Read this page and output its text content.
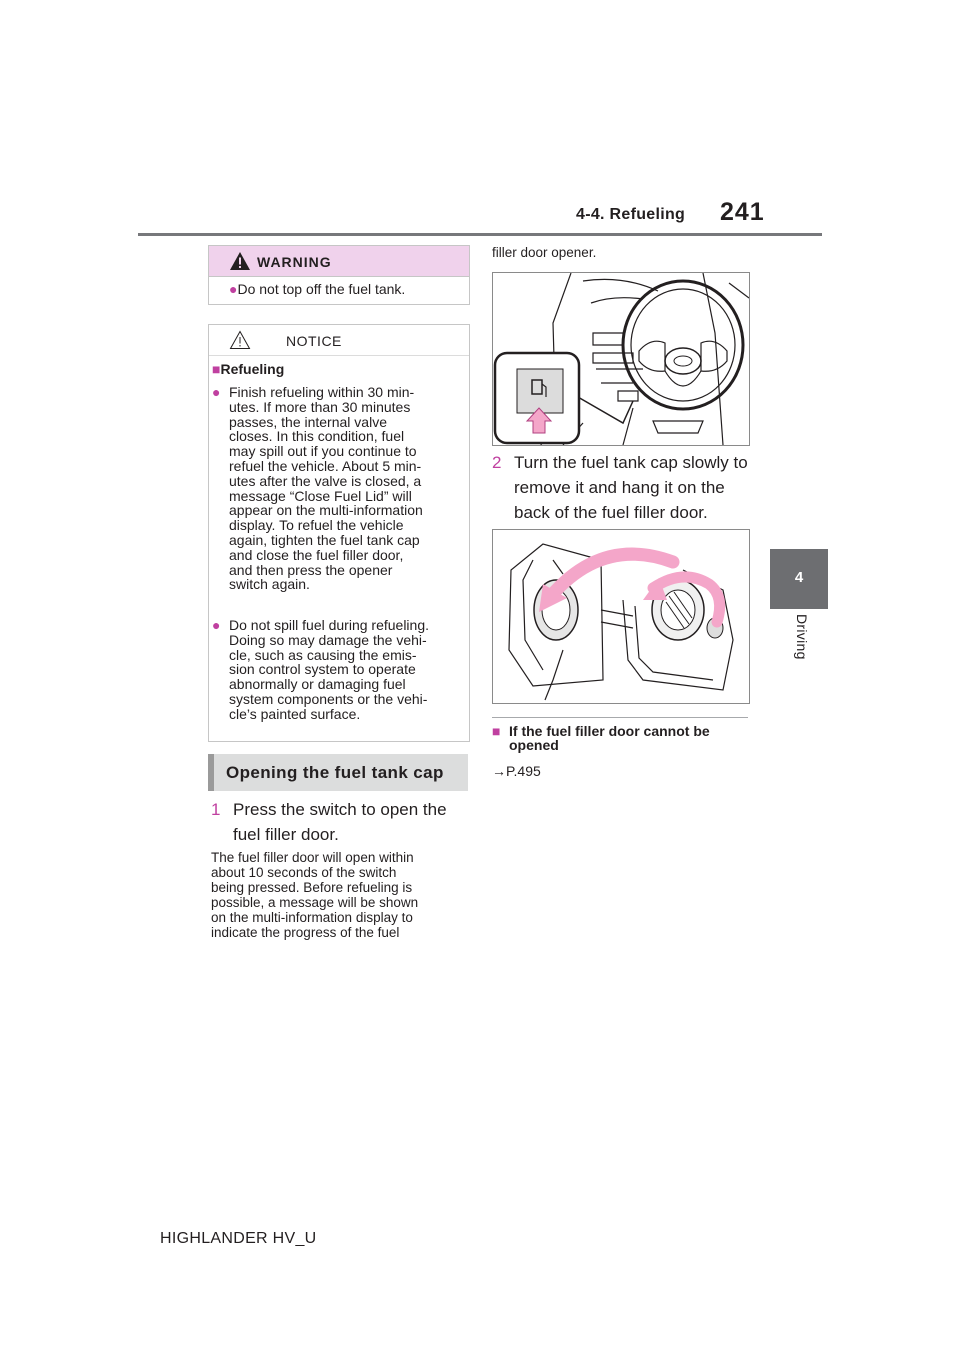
4-4. Refueling 241
4
Driving
WARNING
●Do not top off the fuel tank.
NOTICE
■Refueling
● Finish refueling within 30 min-
utes. If more than 30 minutes
passes, the internal valve
closes. In this condition, fuel
may spill out if you continue to
refuel the vehicle. About 5 min-
utes after the valve is closed, a
message “Close Fuel Lid” will
appear on the multi-information
display. To refuel the vehicle
again, tighten the fuel tank cap
and close the fuel filler door,
and then press the opener
switch again.
● Do not spill fuel during refueling.
Doing so may damage the vehi-
cle, such as causing the emis-
sion control system to operate
abnormally or damaging fuel
system components or the vehi-
cle’s painted surface.
Opening the fuel tank cap
1 Press the switch to open the fuel filler door.
The fuel filler door will open within
about 10 seconds of the switch
being pressed. Before refueling is
possible, a message will be shown
on the multi-information display to
indicate the progress of the fuel
filler door opener.
2 Turn the fuel tank cap slowly to remove it and hang it on the back of the fuel filler door.
■ If the fuel filler door cannot be opened
→P.495
HIGHLANDER HV_U
